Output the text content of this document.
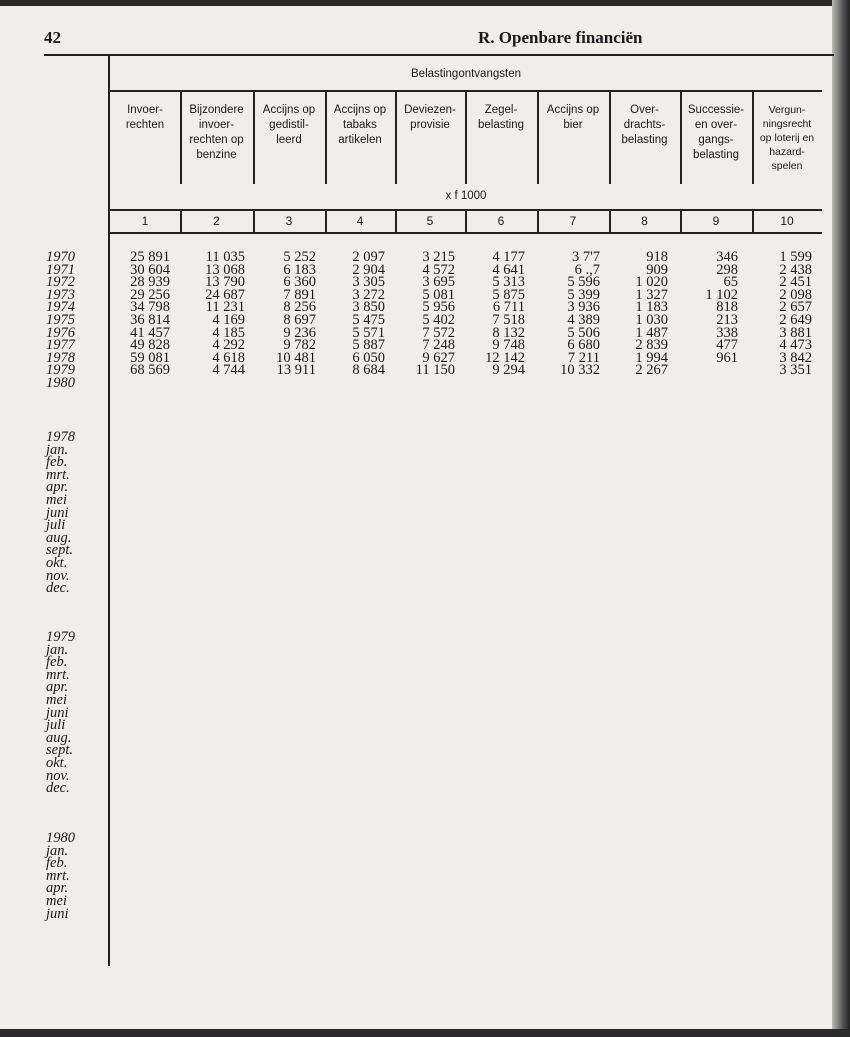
42	R. Openbare financiën
Belastingontvangsten
x f 1000
Invoer-
rechten
1
25 891
30 604
28 939
29 256
34 798
36 814
41 457
49 828
59 081
68 569
Bijzondere
invoer-
rechten op
benzine
2
11 035
13 068
13 790
24 687
11 231
4 169
4 185
4 292
4 618
4 744
Accijns op
gedistil-
leerd
3
5 252
6 183
6 360
7 891
8 256
8 697
9 236
9 782
10 481
13 911
Accijns op
tabaks
artikelen
4
2 097
2 904
3 305
3 272
3 850
5 475
5 571
5 887
6 050
8 684
Deviezen-
provisie
5
3 215
4 572
3 695
5 081
5 956
5 402
7 572
7 248
9 627
11 150
Zegel-
belasting
6
4 177
4 641
5 313
5 875
6 711
7 518
8 132
9 748
12 142
9 294
Accijns op
bier
7
3 7'7
6 .,7
5 596
5 399
3 936
4 389
5 506
6 680
7 211
10 332
Over-
drachts-
belasting
8
918
909
1 020
1 327
1 183
1 030
1 487
2 839
1 994
2 267
Successie-
en over-
gangs-
belasting
9
346
298
65
1 102
818
213
338
477
961
Vergun-
ningsrecht
op loterij en
hazard-
spelen
10
1 599
2 438
2 451
2 098
2 657
2 649
3 881
4 473
3 842
3 351
1970
1971
1972
1973
1974
1975
1976
1977
1978
1979
1980
1978
jan.
feb.
mrt.
apr.
mei
juni
juli
aug.
sept.
okt.
nov.
dec.
1979
jan.
feb.
mrt.
apr.
mei
juni
juli
aug.
sept.
okt.
nov.
dec.
1980
jan.
feb.
mrt.
apr.
mei
juni
